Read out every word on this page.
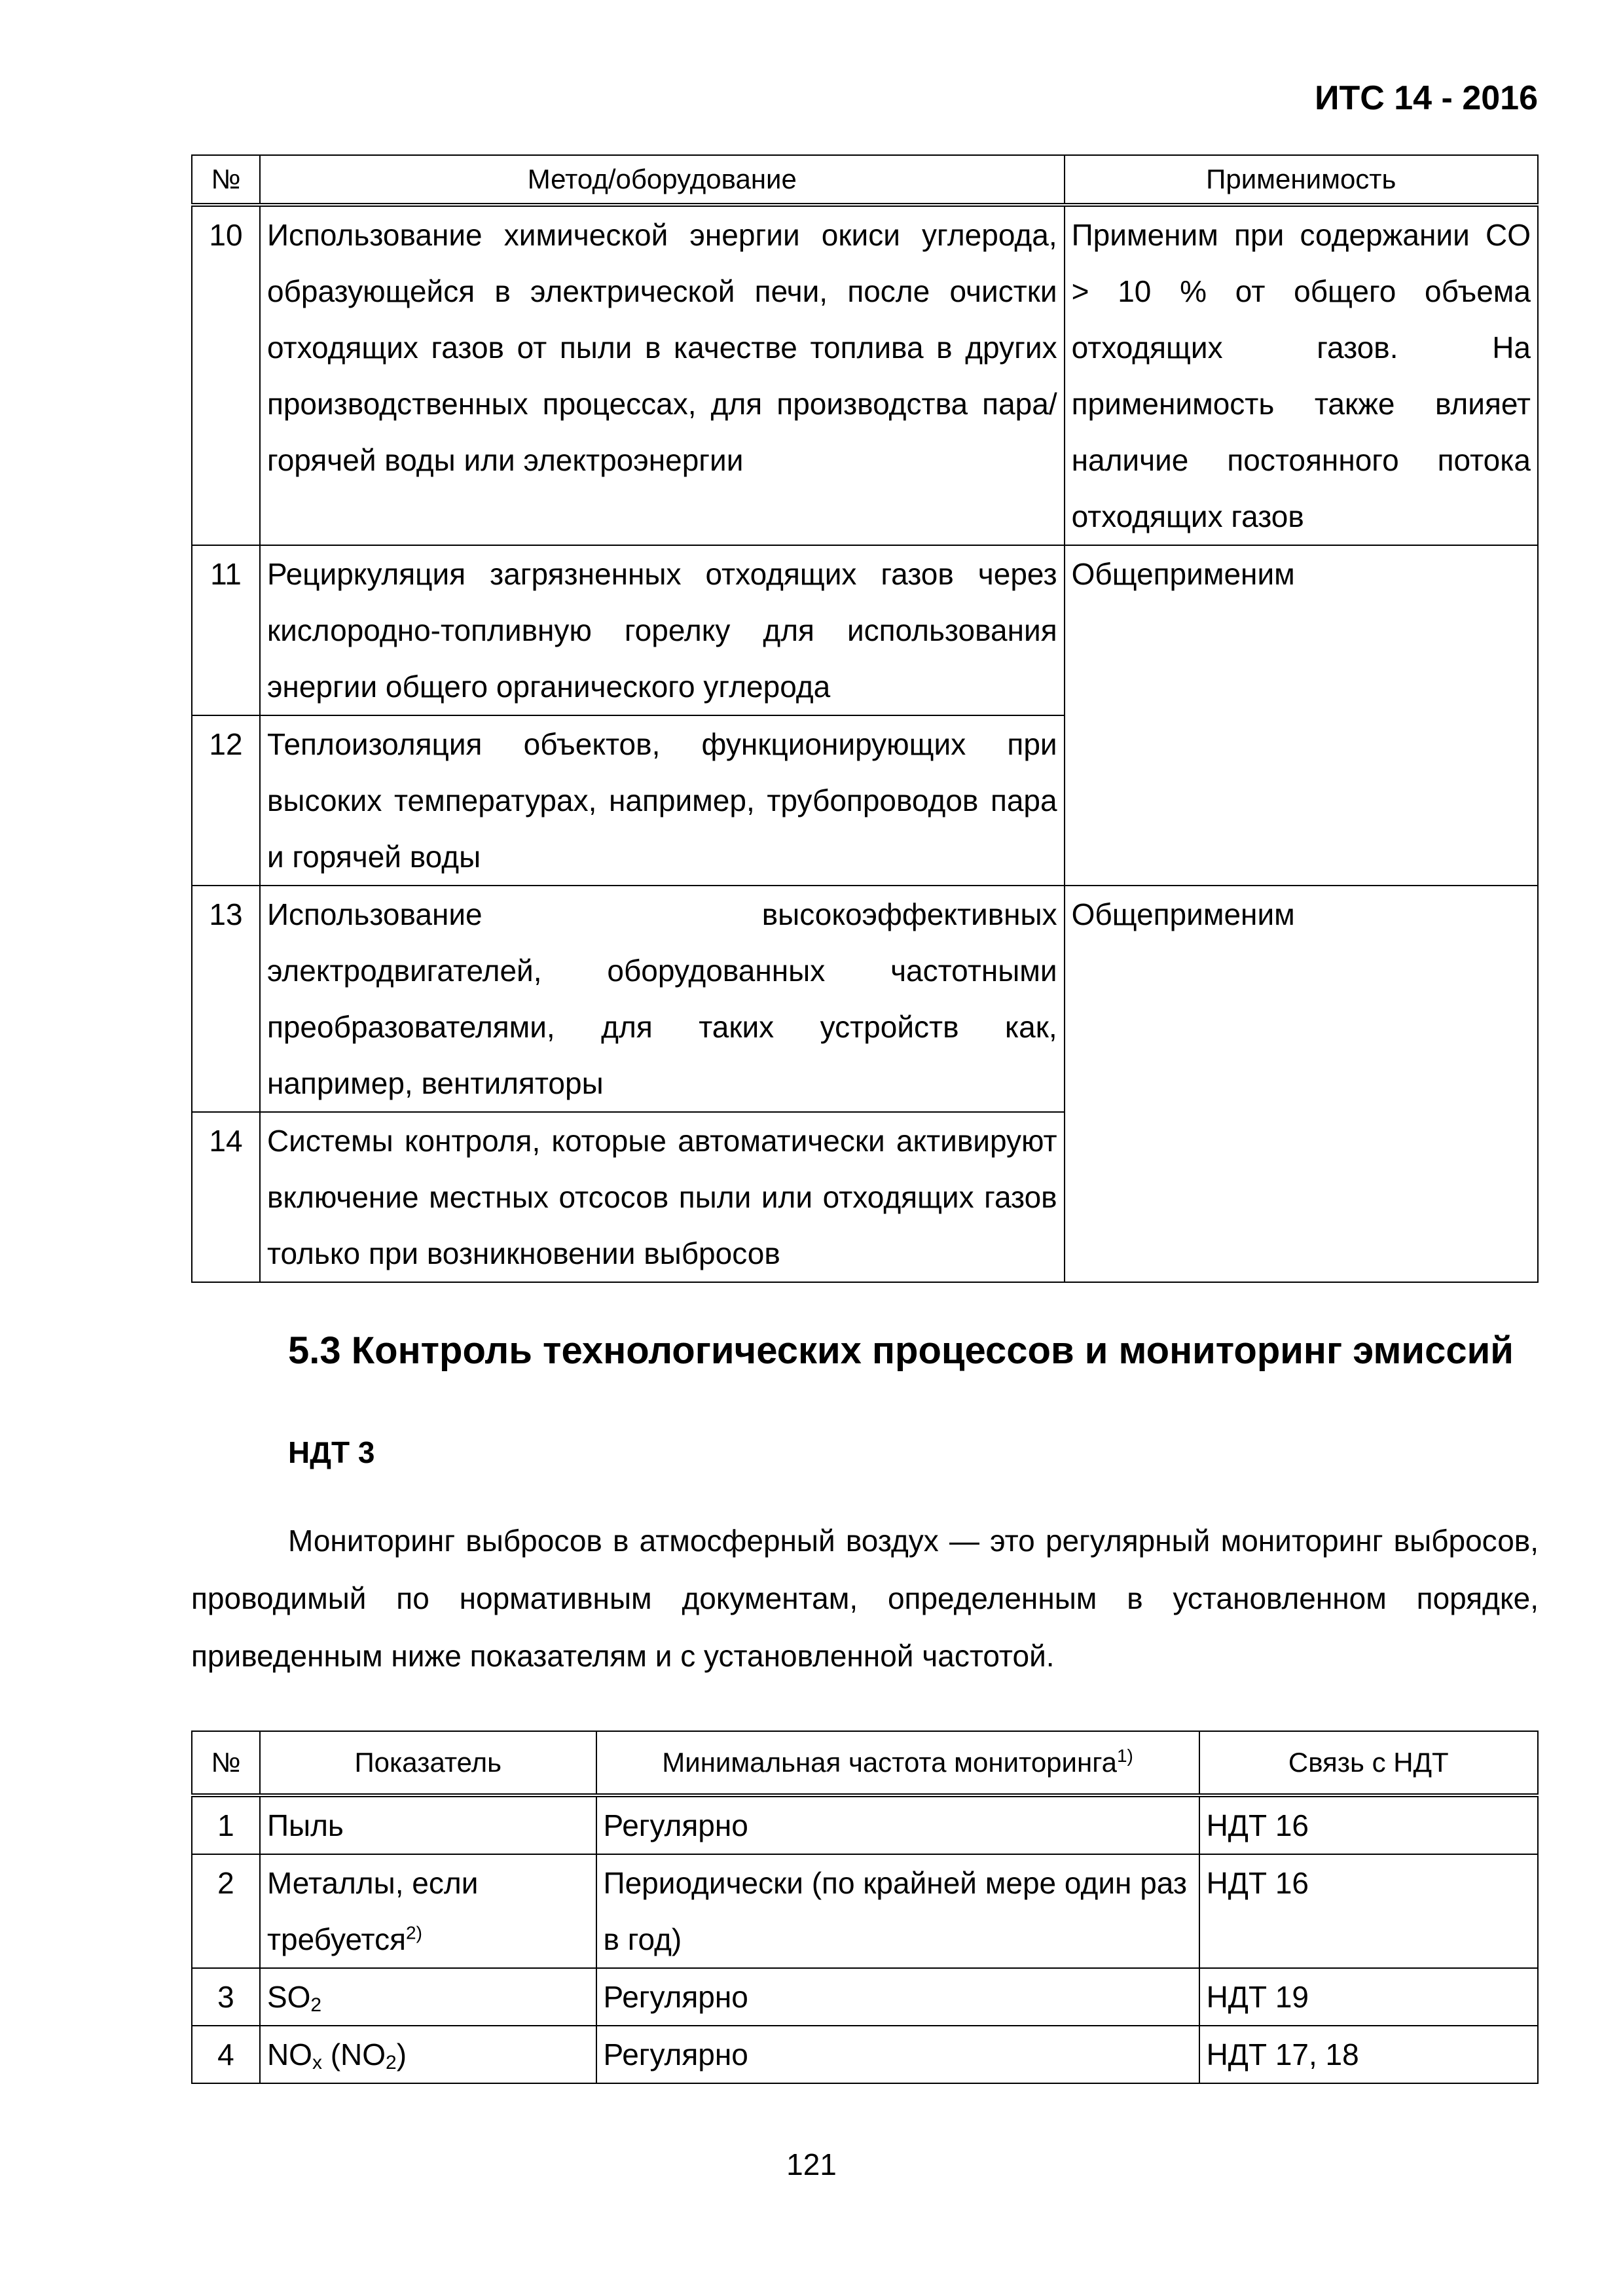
ИТС 14 - 2016
№	Метод/оборудование	Применимость
10	Использование химической энергии окиси углерода, образующейся в электрической печи, после очистки отходящих газов от пыли в качестве топлива в других производственных процессах, для производства пара/горячей воды или электроэнергии	Применим при содержании CO > 10 % от общего объема отходящих газов. На применимость также влияет наличие постоянного потока отходящих газов
11	Рециркуляция загрязненных отходящих газов через кислородно-топливную горелку для использования энергии общего органического углерода	Общеприменим
12	Теплоизоляция объектов, функционирующих при высоких температурах, например, трубопроводов пара и горячей воды	
13	Использование высокоэффективных электродвигателей, оборудованных частотными преобразователями, для таких устройств как, например, вентиляторы	Общеприменим
14	Системы контроля, которые автоматически активируют включение местных отсосов пыли или отходящих газов только при возникновении выбросов	
5.3 Контроль технологических процессов и мониторинг эмиссий
НДТ 3
Мониторинг выбросов в атмосферный воздух — это регулярный мониторинг выбросов, проводимый по нормативным документам, определенным в установленном порядке, приведенным ниже показателям и с установленной частотой.
№	Показатель	Минимальная частота мониторинга$^{1)}$	Связь с НДТ
1	Пыль	Регулярно	НДТ 16
2	Металлы, если требуется$^{2)}$	Периодически (по крайней мере один раз в год)	НДТ 16
3	$SO_2$	Регулярно	НДТ 19
4	$NO_x$ $(NO_2)$	Регулярно	НДТ 17, 18
121
